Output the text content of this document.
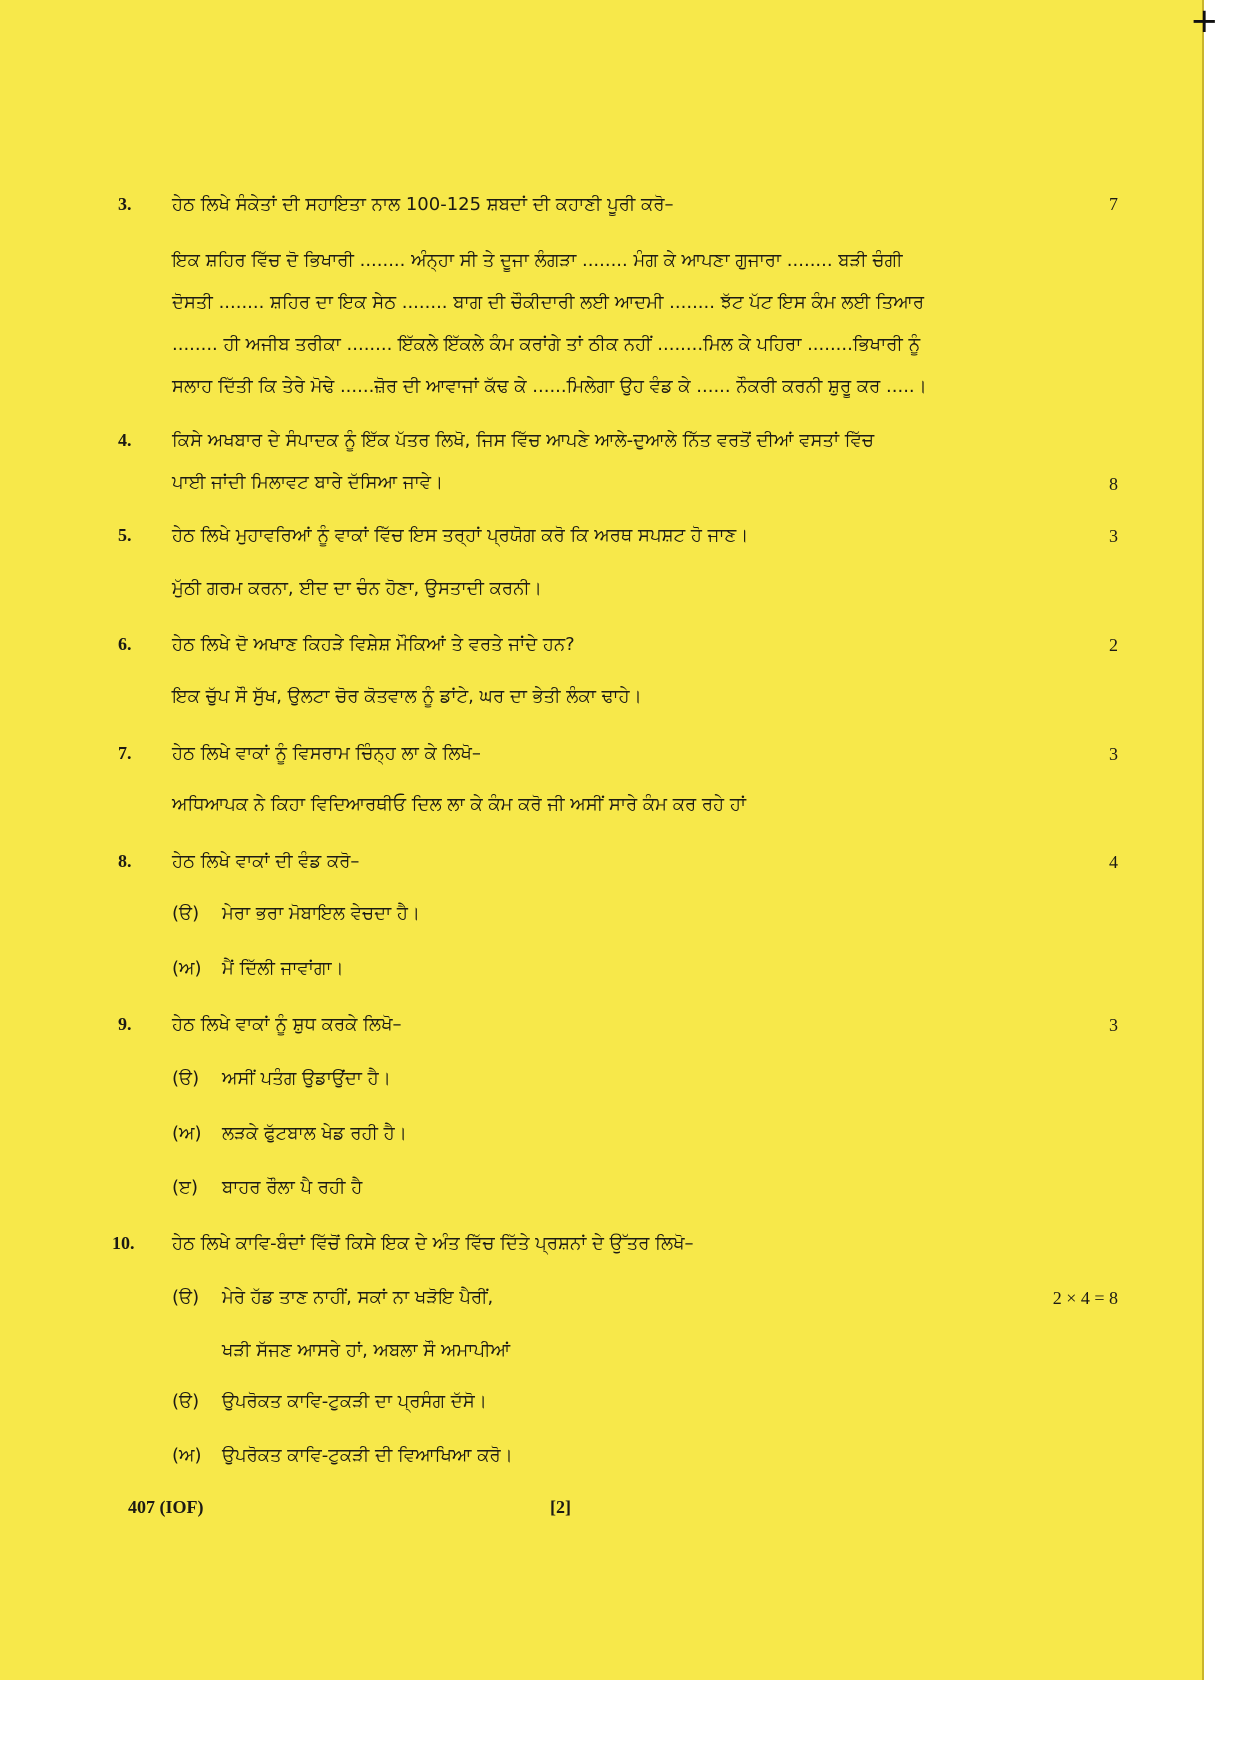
+
3. ਹੇਠ ਲਿਖੇ ਸੰਕੇਤਾਂ ਦੀ ਸਹਾਇਤਾ ਨਾਲ 100-125 ਸ਼ਬਦਾਂ ਦੀ ਕਹਾਣੀ ਪੂਰੀ ਕਰੋ–	7
ਇਕ ਸ਼ਹਿਰ ਵਿੱਚ ਦੋ ਭਿਖਾਰੀ ........ ਅੰਨ੍ਹਾ ਸੀ ਤੇ ਦੂਜਾ ਲੰਗੜਾ ........ ਮੰਗ ਕੇ ਆਪਣਾ ਗੁਜਾਰਾ ........ ਬੜੀ ਚੰਗੀ
ਦੋਸਤੀ ........ ਸ਼ਹਿਰ ਦਾ ਇਕ ਸੇਠ ........ ਬਾਗ ਦੀ ਚੌਕੀਦਾਰੀ ਲਈ ਆਦਮੀ ........ ਝੱਟ ਪੱਟ ਇਸ ਕੰਮ ਲਈ ਤਿਆਰ
........ ਹੀ ਅਜੀਬ ਤਰੀਕਾ ........ ਇੱਕਲੇ ਇੱਕਲੇ ਕੰਮ ਕਰਾਂਗੇ ਤਾਂ ਠੀਕ ਨਹੀਂ ........ਮਿਲ ਕੇ ਪਹਿਰਾ ........ਭਿਖਾਰੀ ਨੂੰ
ਸਲਾਹ ਦਿੱਤੀ ਕਿ ਤੇਰੇ ਮੋਢੇ ......ਜ਼ੋਰ ਦੀ ਆਵਾਜਾਂ ਕੱਢ ਕੇ ......ਮਿਲੇਗਾ ਉਹ ਵੰਡ ਕੇ ...... ਨੌਕਰੀ ਕਰਨੀ ਸ਼ੁਰੂ ਕਰ .....।
4. ਕਿਸੇ ਅਖਬਾਰ ਦੇ ਸੰਪਾਦਕ ਨੂੰ ਇੱਕ ਪੱਤਰ ਲਿਖੋ, ਜਿਸ ਵਿੱਚ ਆਪਣੇ ਆਲੇ-ਦੁਆਲੇ ਨਿੱਤ ਵਰਤੋਂ ਦੀਆਂ ਵਸਤਾਂ ਵਿੱਚ
ਪਾਈ ਜਾਂਦੀ ਮਿਲਾਵਟ ਬਾਰੇ ਦੱਸਿਆ ਜਾਵੇ।	8
5. ਹੇਠ ਲਿਖੇ ਮੁਹਾਵਰਿਆਂ ਨੂੰ ਵਾਕਾਂ ਵਿੱਚ ਇਸ ਤਰ੍ਹਾਂ ਪ੍ਰਯੋਗ ਕਰੋ ਕਿ ਅਰਥ ਸਪਸ਼ਟ ਹੋ ਜਾਣ।	3
ਮੁੱਠੀ ਗਰਮ ਕਰਨਾ, ਈਦ ਦਾ ਚੰਨ ਹੋਣਾ, ਉਸਤਾਦੀ ਕਰਨੀ।
6. ਹੇਠ ਲਿਖੇ ਦੋ ਅਖਾਣ ਕਿਹੜੇ ਵਿਸ਼ੇਸ਼ ਮੌਕਿਆਂ ਤੇ ਵਰਤੇ ਜਾਂਦੇ ਹਨ?	2
ਇਕ ਚੁੱਪ ਸੌ ਸੁੱਖ, ਉਲਟਾ ਚੋਰ ਕੋਤਵਾਲ ਨੂੰ ਡਾਂਟੇ, ਘਰ ਦਾ ਭੇਤੀ ਲੰਕਾ ਢਾਹੇ।
7. ਹੇਠ ਲਿਖੇ ਵਾਕਾਂ ਨੂੰ ਵਿਸਰਾਮ ਚਿੰਨ੍ਹ ਲਾ ਕੇ ਲਿਖੋ–	3
ਅਧਿਆਪਕ ਨੇ ਕਿਹਾ ਵਿਦਿਆਰਥੀਓ ਦਿਲ ਲਾ ਕੇ ਕੰਮ ਕਰੋ ਜੀ ਅਸੀਂ ਸਾਰੇ ਕੰਮ ਕਰ ਰਹੇ ਹਾਂ
8. ਹੇਠ ਲਿਖੇ ਵਾਕਾਂ ਦੀ ਵੰਡ ਕਰੋ–	4
(ੳ) ਮੇਰਾ ਭਰਾ ਮੋਬਾਇਲ ਵੇਚਦਾ ਹੈ।
(ਅ) ਮੈਂ ਦਿੱਲੀ ਜਾਵਾਂਗਾ।
9. ਹੇਠ ਲਿਖੇ ਵਾਕਾਂ ਨੂੰ ਸ਼ੁਧ ਕਰਕੇ ਲਿਖੋ–	3
(ੳ) ਅਸੀਂ ਪਤੰਗ ਉਡਾਉਂਦਾ ਹੈ।
(ਅ) ਲੜਕੇ ਫੁੱਟਬਾਲ ਖੇਡ ਰਹੀ ਹੈ।
(ੲ) ਬਾਹਰ ਰੌਲਾ ਪੈ ਰਹੀ ਹੈ
10. ਹੇਠ ਲਿਖੇ ਕਾਵਿ-ਬੰਦਾਂ ਵਿੱਚੋਂ ਕਿਸੇ ਇਕ ਦੇ ਅੰਤ ਵਿੱਚ ਦਿੱਤੇ ਪ੍ਰਸ਼ਨਾਂ ਦੇ ਉੱਤਰ ਲਿਖੋ–
(ੳ) ਮੇਰੇ ਹੱਡ ਤਾਣ ਨਾਹੀਂ, ਸਕਾਂ ਨਾ ਖੜੋਇ ਪੈਰੀਂ,	2 × 4 = 8
ਖੜੀ ਸੱਜਣ ਆਸਰੇ ਹਾਂ, ਅਬਲਾ ਸੌ ਅਮਾਪੀਆਂ
(ੳ) ਉਪਰੋਕਤ ਕਾਵਿ-ਟੁਕੜੀ ਦਾ ਪ੍ਰਸੰਗ ਦੱਸੋ।
(ਅ) ਉਪਰੋਕਤ ਕਾਵਿ-ਟੁਕੜੀ ਦੀ ਵਿਆਖਿਆ ਕਰੋ।
407 (IOF)	[2]
